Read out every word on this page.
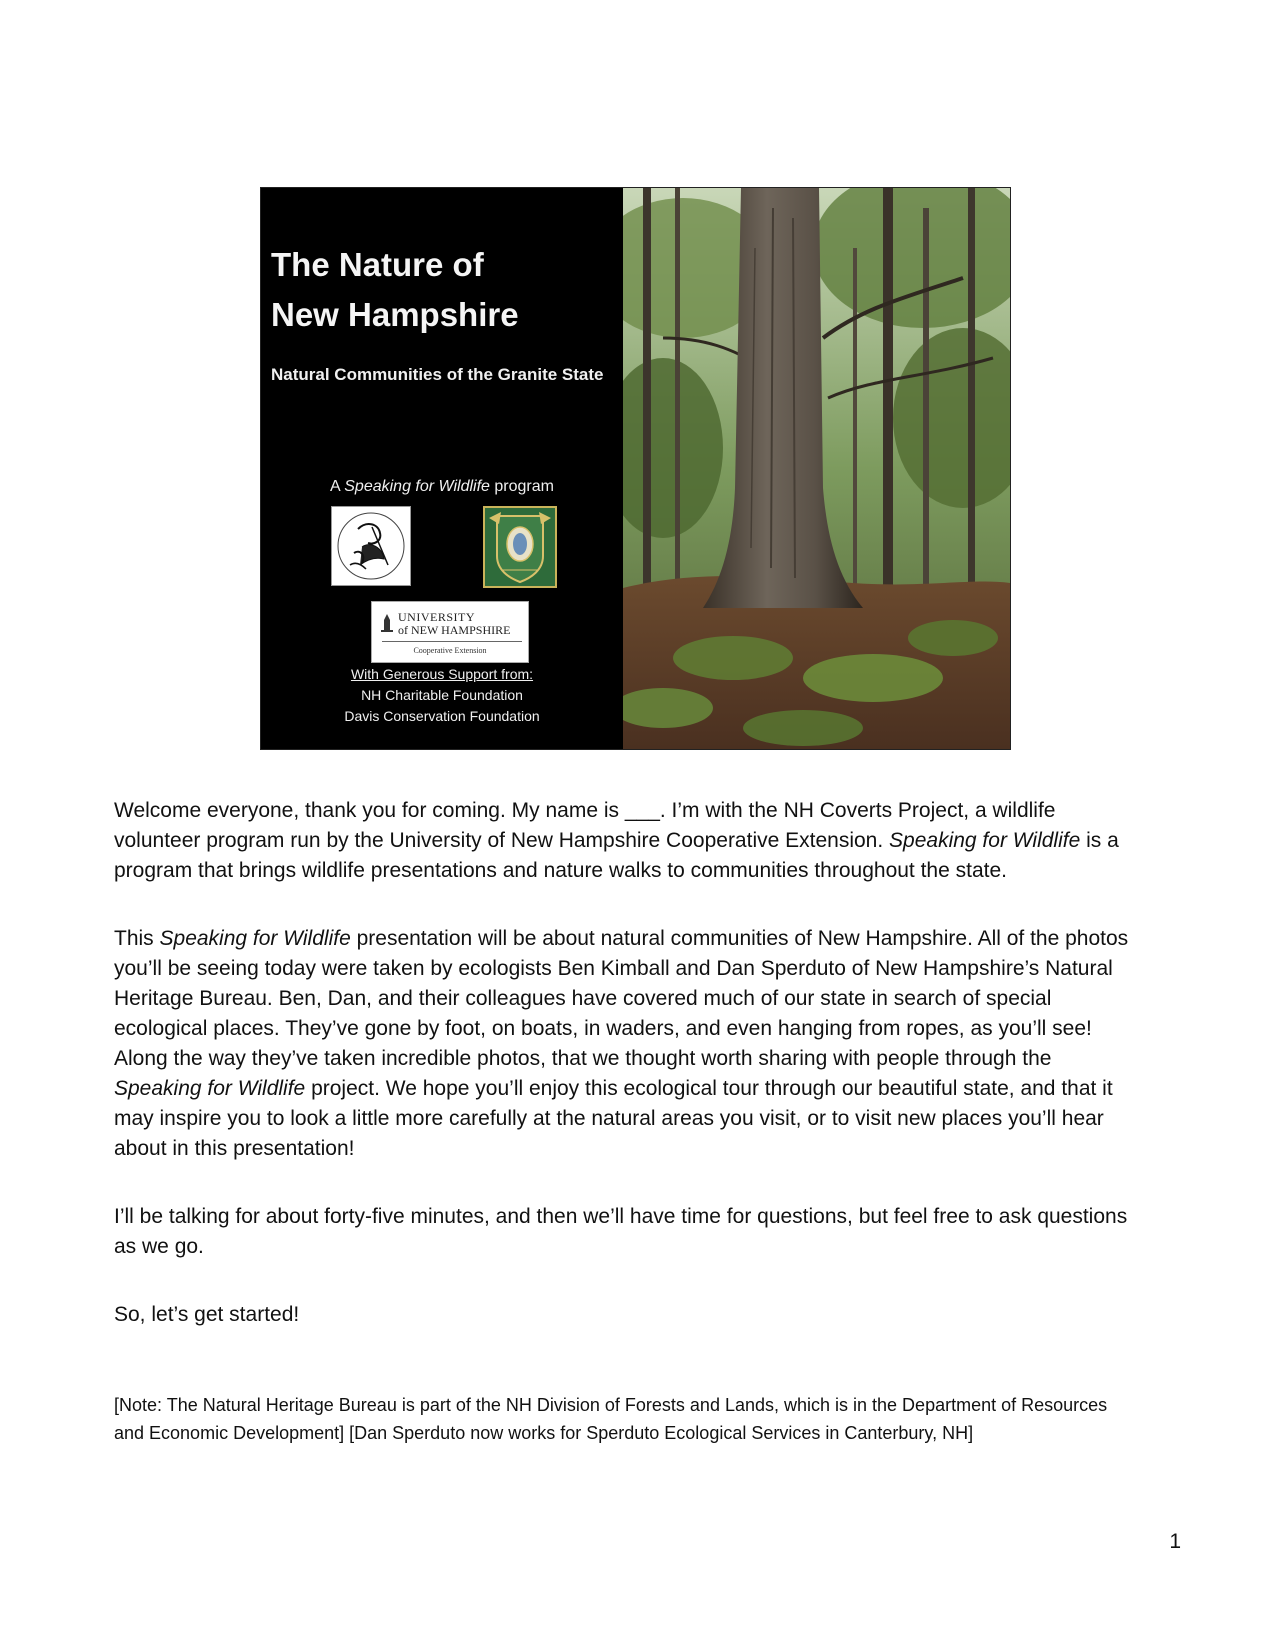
The Nature of
New Hampshire
Natural Communities of the Granite State
A Speaking for Wildlife program
UNIVERSITY
of NEW HAMPSHIRE
Cooperative Extension
With Generous Support from:
NH Charitable Foundation
Davis Conservation Foundation

Welcome everyone, thank you for coming. My name is ___. I’m with the NH Coverts Project, a wildlife volunteer program run by the University of New Hampshire Cooperative Extension. Speaking for Wildlife is a program that brings wildlife presentations and nature walks to communities throughout the state.

This Speaking for Wildlife presentation will be about natural communities of New Hampshire. All of the photos you’ll be seeing today were taken by ecologists Ben Kimball and Dan Sperduto of New Hampshire’s Natural Heritage Bureau. Ben, Dan, and their colleagues have covered much of our state in search of special ecological places. They’ve gone by foot, on boats, in waders, and even hanging from ropes, as you’ll see! Along the way they’ve taken incredible photos, that we thought worth sharing with people through the Speaking for Wildlife project. We hope you’ll enjoy this ecological tour through our beautiful state, and that it may inspire you to look a little more carefully at the natural areas you visit, or to visit new places you’ll hear about in this presentation!

I’ll be talking for about forty-five minutes, and then we’ll have time for questions, but feel free to ask questions as we go.

So, let’s get started!

[Note: The Natural Heritage Bureau is part of the NH Division of Forests and Lands, which is in the Department of Resources and Economic Development] [Dan Sperduto now works for Sperduto Ecological Services in Canterbury, NH]
1
